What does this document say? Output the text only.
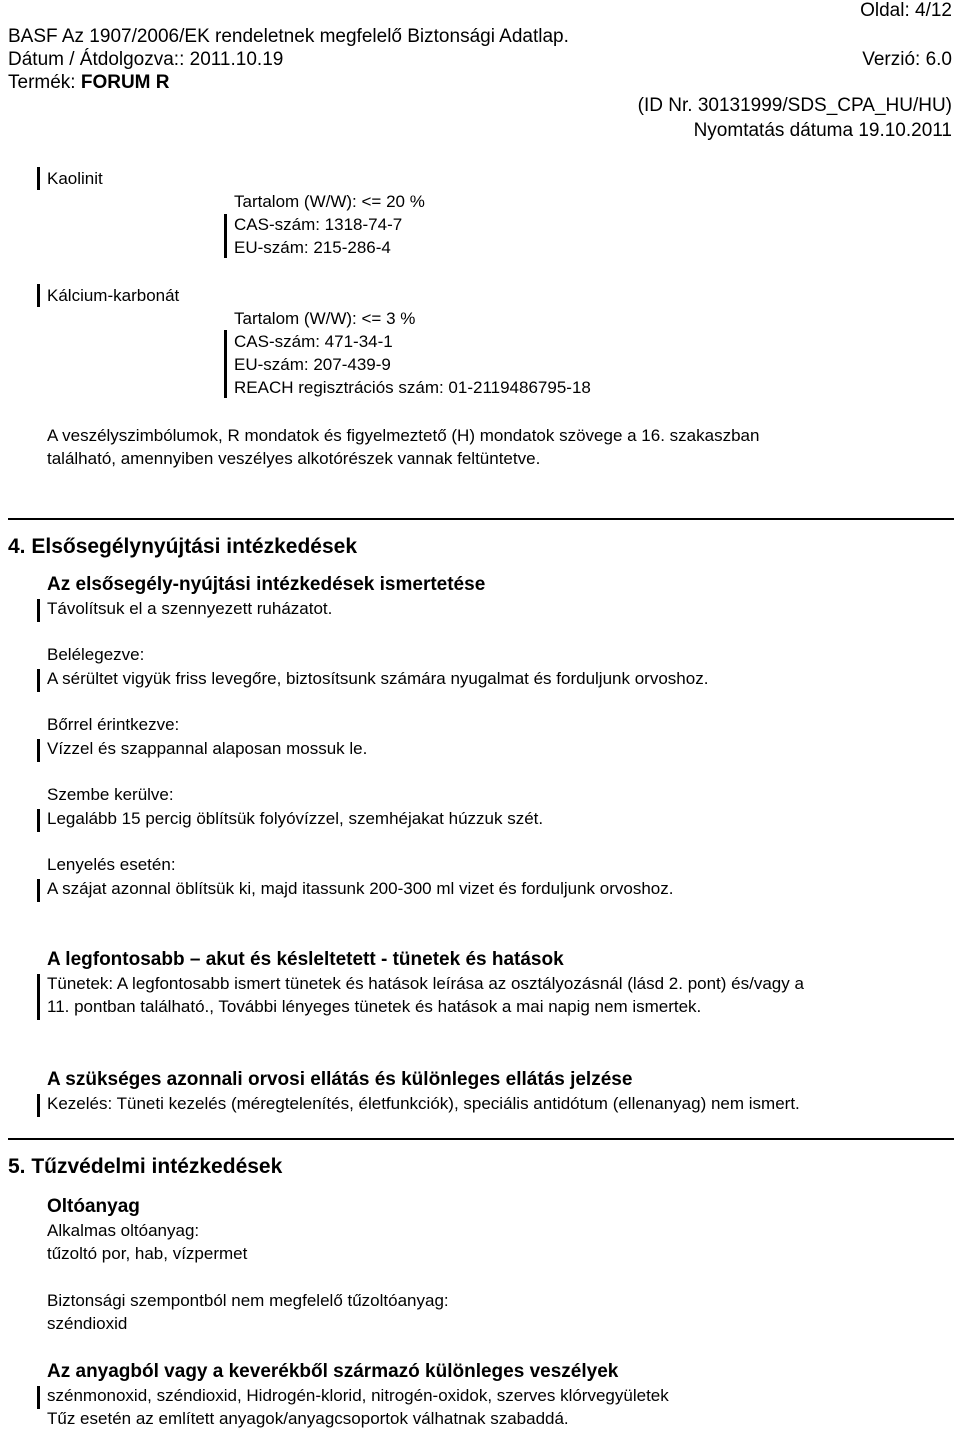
Oldal: 4/12
BASF Az 1907/2006/EK rendeletnek megfelelő Biztonsági Adatlap.
Dátum / Átdolgozva:: 2011.10.19	Verzió: 6.0
Termék: FORUM R
(ID Nr. 30131999/SDS_CPA_HU/HU)
Nyomtatás dátuma 19.10.2011
Kaolinit
Tartalom (W/W): <= 20 %
CAS-szám: 1318-74-7
EU-szám: 215-286-4
Kálcium-karbonát
Tartalom (W/W): <= 3 %
CAS-szám: 471-34-1
EU-szám: 207-439-9
REACH regisztrációs szám: 01-2119486795-18
A veszélyszimbólumok, R mondatok és figyelmeztető (H) mondatok szövege a 16. szakaszban
található, amennyiben veszélyes alkotórészek vannak feltüntetve.
4. Elsősegélynyújtási intézkedések
Az elsősegély-nyújtási intézkedések ismertetése
Távolítsuk el a szennyezett ruházatot.
Belélegezve:
A sérültet vigyük friss levegőre, biztosítsunk számára nyugalmat és forduljunk orvoshoz.
Bőrrel érintkezve:
Vízzel és szappannal alaposan mossuk le.
Szembe kerülve:
Legalább 15 percig öblítsük folyóvízzel, szemhéjakat húzzuk szét.
Lenyelés esetén:
A szájat azonnal öblítsük ki, majd itassunk 200-300 ml vizet és forduljunk orvoshoz.
A legfontosabb – akut és késleltetett - tünetek és hatások
Tünetek: A legfontosabb ismert tünetek és hatások leírása az osztályozásnál (lásd 2. pont) és/vagy a
11. pontban található., További lényeges tünetek és hatások a mai napig nem ismertek.
A szükséges azonnali orvosi ellátás és különleges ellátás jelzése
Kezelés: Tüneti kezelés (méregtelenítés, életfunkciók), speciális antidótum (ellenanyag) nem ismert.
5. Tűzvédelmi intézkedések
Oltóanyag
Alkalmas oltóanyag:
tűzoltó por, hab, vízpermet
Biztonsági szempontból nem megfelelő tűzoltóanyag:
széndioxid
Az anyagból vagy a keverékből származó különleges veszélyek
szénmonoxid, széndioxid, Hidrogén-klorid, nitrogén-oxidok, szerves klórvegyületek
Tűz esetén az említett anyagok/anyagcsoportok válhatnak szabaddá.
